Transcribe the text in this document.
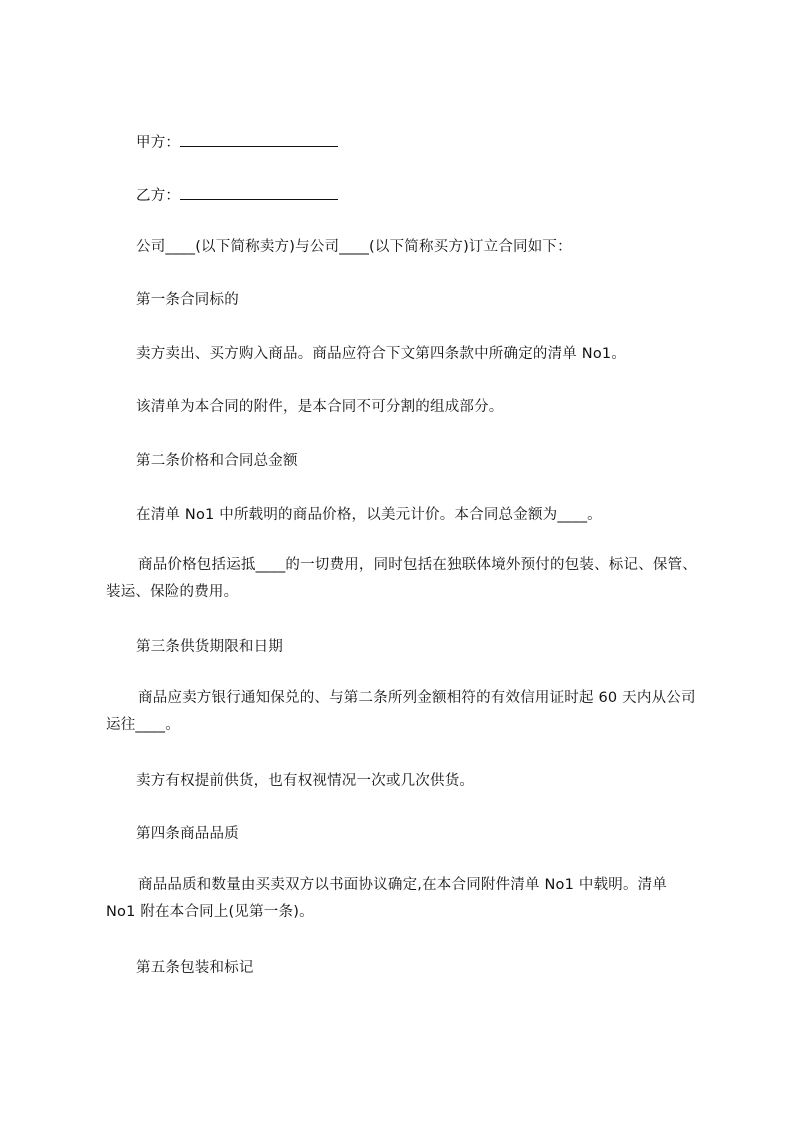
甲方：
乙方：
公司____(以下简称卖方)与公司____(以下简称买方)订立合同如下：
第一条合同标的
卖方卖出、买方购入商品。商品应符合下文第四条款中所确定的清单 No1。
该清单为本合同的附件，是本合同不可分割的组成部分。
第二条价格和合同总金额
在清单 No1 中所载明的商品价格，以美元计价。本合同总金额为____。
商品价格包括运抵____的一切费用，同时包括在独联体境外预付的包装、标记、保管、装运、保险的费用。
第三条供货期限和日期
商品应卖方银行通知保兑的、与第二条所列金额相符的有效信用证时起 60 天内从公司运往____。
卖方有权提前供货，也有权视情况一次或几次供货。
第四条商品品质
商品品质和数量由买卖双方以书面协议确定,在本合同附件清单 No1 中载明。清单 No1 附在本合同上(见第一条)。
第五条包装和标记
